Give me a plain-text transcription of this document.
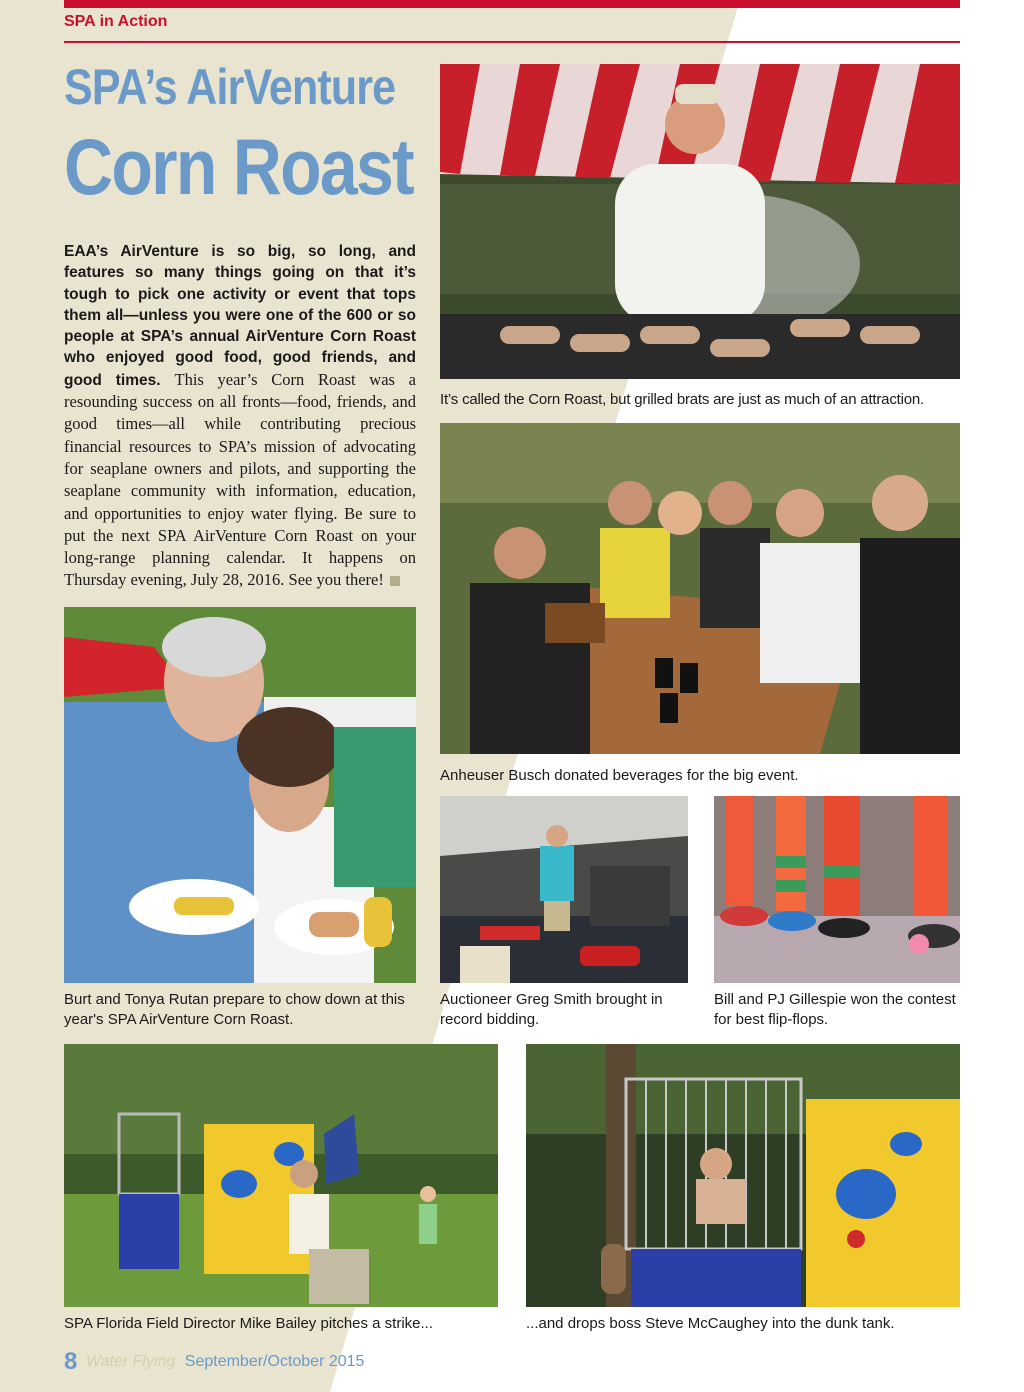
SPA in Action
SPA’s AirVenture
Corn Roast
EAA’s AirVenture is so big, so long, and features so many things going on that it’s tough to pick one activity or event that tops them all—unless you were one of the 600 or so people at SPA’s annual AirVenture Corn Roast who enjoyed good food, good friends, and good times. This year’s Corn Roast was a resounding success on all fronts—food, friends, and good times—all while contributing precious financial resources to SPA’s mission of advocating for seaplane owners and pilots, and supporting the seaplane community with information, education, and opportunities to enjoy water flying. Be sure to put the next SPA AirVenture Corn Roast on your long-range planning calendar. It happens on Thursday evening, July 28, 2016. See you there!
It’s called the Corn Roast, but grilled brats are just as much of an attraction.
Anheuser Busch donated beverages for the big event.
Burt and Tonya Rutan prepare to chow down at this year's SPA AirVenture Corn Roast.
Auctioneer Greg Smith brought in record bidding.
Bill and PJ Gillespie won the contest for best flip-flops.
SPA Florida Field Director Mike Bailey pitches a strike...	...and drops boss Steve McCaughey into the dunk tank.
8 Water Flying September/October 2015
